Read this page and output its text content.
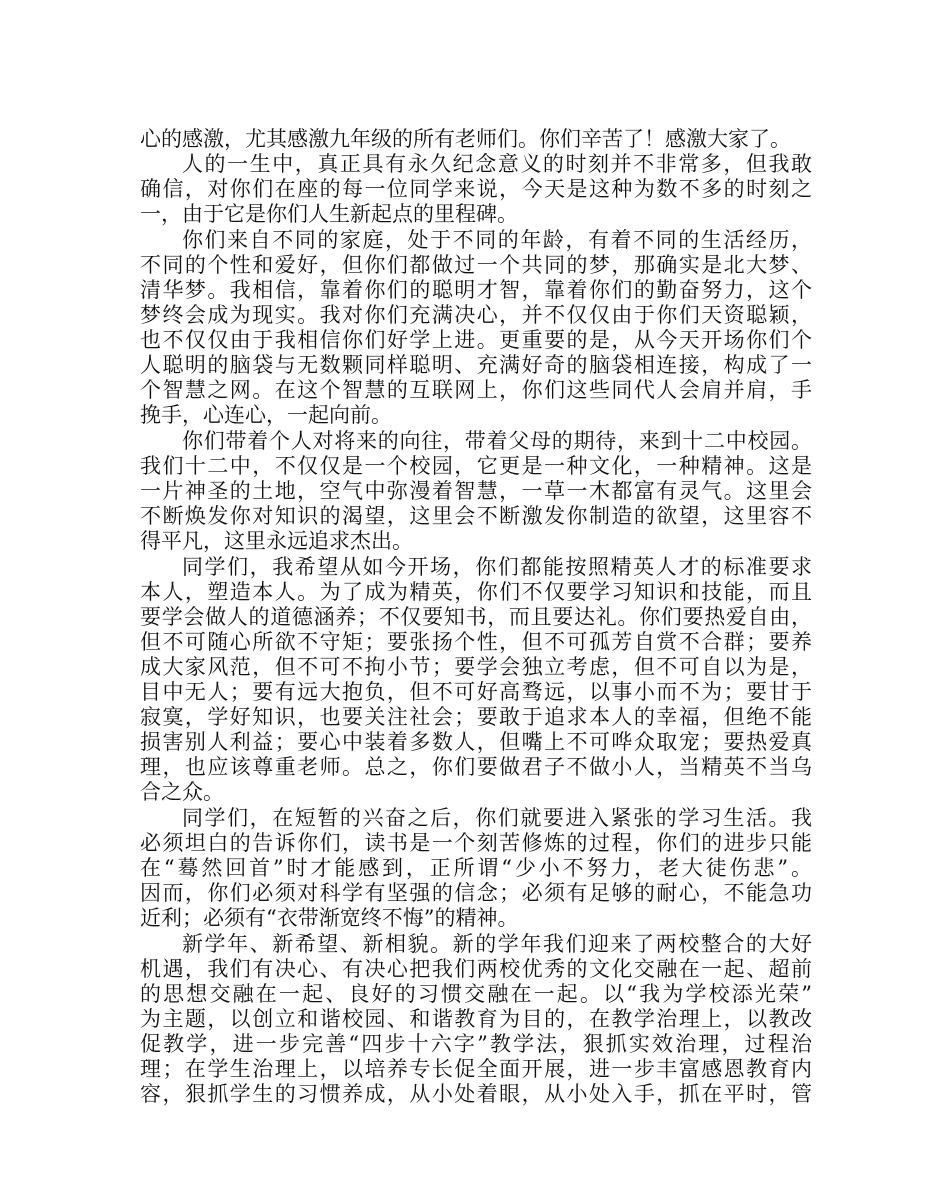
心的感激，尤其感激九年级的所有老师们。你们辛苦了！感激大家了。
人的一生中，真正具有永久纪念意义的时刻并不非常多，但我敢
确信，对你们在座的每一位同学来说，今天是这种为数不多的时刻之
一，由于它是你们人生新起点的里程碑。
你们来自不同的家庭，处于不同的年龄，有着不同的生活经历，
不同的个性和爱好，但你们都做过一个共同的梦，那确实是北大梦、
清华梦。我相信，靠着你们的聪明才智，靠着你们的勤奋努力，这个
梦终会成为现实。我对你们充满决心，并不仅仅由于你们天资聪颖，
也不仅仅由于我相信你们好学上进。更重要的是，从今天开场你们个
人聪明的脑袋与无数颗同样聪明、充满好奇的脑袋相连接，构成了一
个智慧之网。在这个智慧的互联网上，你们这些同代人会肩并肩，手
挽手，心连心，一起向前。
你们带着个人对将来的向往，带着父母的期待，来到十二中校园。
我们十二中，不仅仅是一个校园，它更是一种文化，一种精神。这是
一片神圣的土地，空气中弥漫着智慧，一草一木都富有灵气。这里会
不断焕发你对知识的渴望，这里会不断激发你制造的欲望，这里容不
得平凡，这里永远追求杰出。
同学们，我希望从如今开场，你们都能按照精英人才的标准要求
本人，塑造本人。为了成为精英，你们不仅要学习知识和技能，而且
要学会做人的道德涵养；不仅要知书，而且要达礼。你们要热爱自由，
但不可随心所欲不守矩；要张扬个性，但不可孤芳自赏不合群；要养
成大家风范，但不可不拘小节；要学会独立考虑，但不可自以为是，
目中无人；要有远大抱负，但不可好高骛远，以事小而不为；要甘于
寂寞，学好知识，也要关注社会；要敢于追求本人的幸福，但绝不能
损害别人利益；要心中装着多数人，但嘴上不可哗众取宠；要热爱真
理，也应该尊重老师。总之，你们要做君子不做小人，当精英不当乌
合之众。
同学们，在短暂的兴奋之后，你们就要进入紧张的学习生活。我
必须坦白的告诉你们，读书是一个刻苦修炼的过程，你们的进步只能
在“蓦然回首”时才能感到，正所谓“少小不努力，老大徒伤悲”。
因而，你们必须对科学有坚强的信念；必须有足够的耐心，不能急功
近利；必须有“衣带渐宽终不悔”的精神。
新学年、新希望、新相貌。新的学年我们迎来了两校整合的大好
机遇，我们有决心、有决心把我们两校优秀的文化交融在一起、超前
的思想交融在一起、良好的习惯交融在一起。以“我为学校添光荣”
为主题，以创立和谐校园、和谐教育为目的，在教学治理上，以教改
促教学，进一步完善“四步十六字”教学法，狠抓实效治理，过程治
理；在学生治理上，以培养专长促全面开展，进一步丰富感恩教育内
容，狠抓学生的习惯养成，从小处着眼，从小处入手，抓在平时，管
